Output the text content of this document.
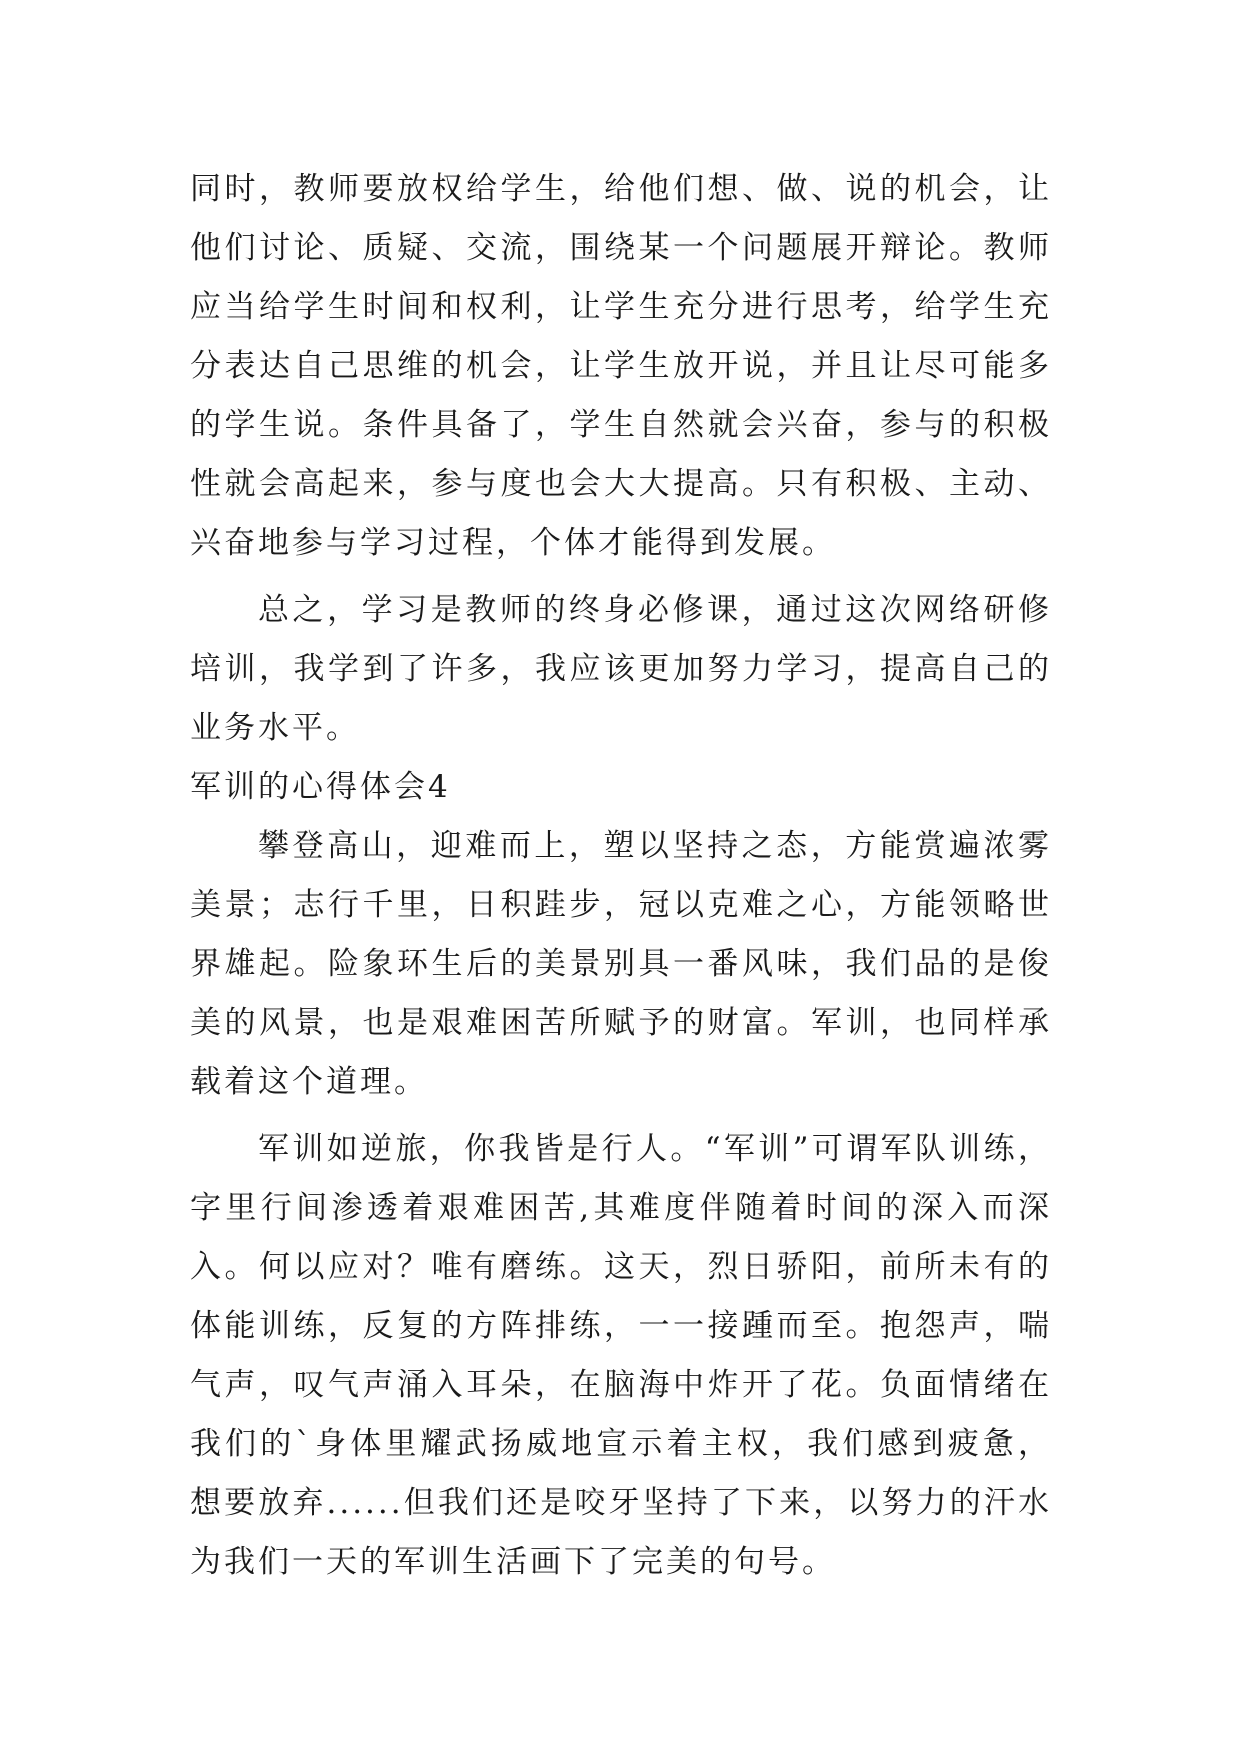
同时，教师要放权给学生，给他们想、做、说的机会，让他们讨论、质疑、交流，围绕某一个问题展开辩论。教师应当给学生时间和权利，让学生充分进行思考，给学生充分表达自己思维的机会，让学生放开说，并且让尽可能多的学生说。条件具备了，学生自然就会兴奋，参与的积极性就会高起来，参与度也会大大提高。只有积极、主动、兴奋地参与学习过程，个体才能得到发展。

总之，学习是教师的终身必修课，通过这次网络研修培训，我学到了许多，我应该更加努力学习，提高自己的业务水平。

军训的心得体会4

攀登高山，迎难而上，塑以坚持之态，方能赏遍浓雾美景；志行千里，日积跬步，冠以克难之心，方能领略世界雄起。险象环生后的美景别具一番风味，我们品的是俊美的风景，也是艰难困苦所赋予的财富。军训，也同样承载着这个道理。

军训如逆旅，你我皆是行人。“军训”可谓军队训练，字里行间渗透着艰难困苦,其难度伴随着时间的深入而深入。何以应对？唯有磨练。这天，烈日骄阳，前所未有的体能训练，反复的方阵排练，一一接踵而至。抱怨声，喘气声，叹气声涌入耳朵，在脑海中炸开了花。负面情绪在我们的`身体里耀武扬威地宣示着主权，我们感到疲惫，想要放弃......但我们还是咬牙坚持了下来，以努力的汗水为我们一天的军训生活画下了完美的句号。
